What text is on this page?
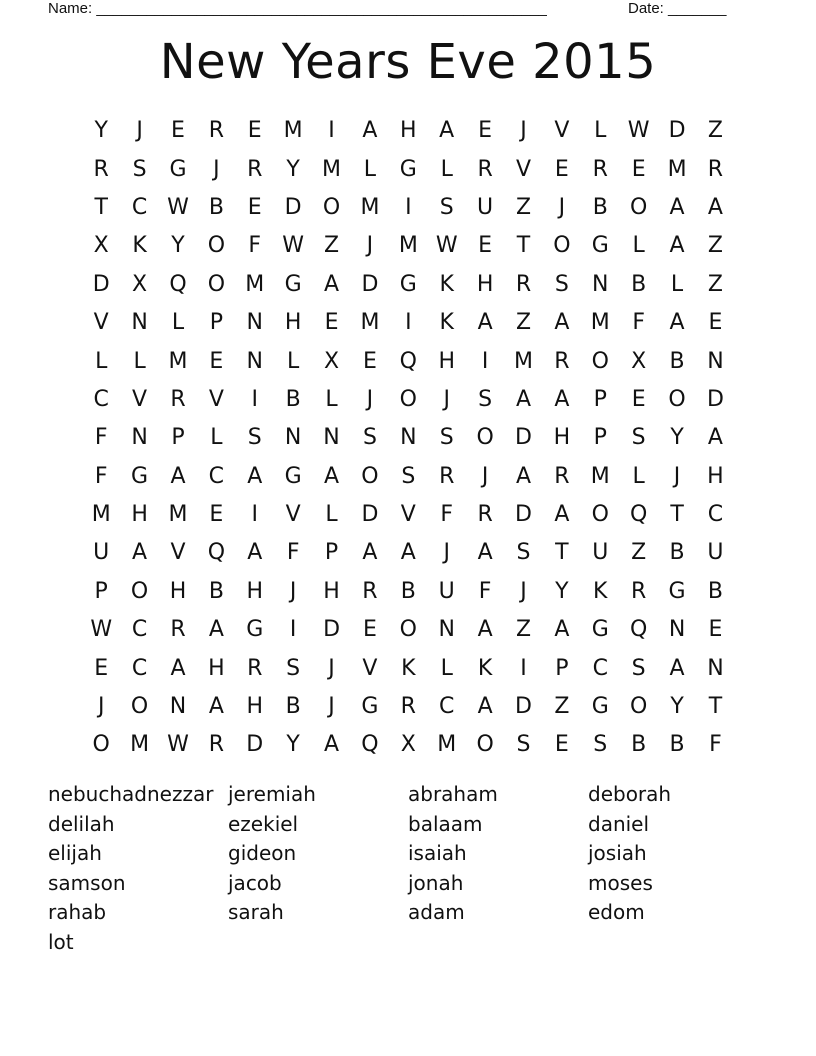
Name: ______________________________________________________	Date: _______
New Years Eve 2015
Y	J	E	R	E M	I	A	H	A	E	J	V	L W D	Z
R	S	G	J	R	Y	M	L	G	L	R	V	E	R	E M R
T	C W B	E	D O M	I	S	U	Z	J	B	O	A	A
X	K	Y	O	F W Z	J	M W E	T	O G	L	A	Z
D	X	Q O M G	A	D G	K	H	R	S	N	B	L	Z
V	N	L	P	N H	E M	I	K	A	Z	A M	F	A	E
L	L	M E	N	L	X	E	Q H	I	M R	O	X	B	N
C	V	R	V	I	B	L	J	O	J	S	A	A	P	E	O D
F	N	P	L	S	N N	S	N	S	O D H	P	S	Y	A
F	G	A	C	A	G	A	O	S	R	J	A	R M	L	J	H
M H M E	I	V	L	D	V	F	R	D	A	O Q	T	C
U	A	V	Q	A	F	P	A	A	J	A	S	T	U	Z	B	U
P	O H	B	H	J	H	R	B	U	F	J	Y	K	R	G	B
W C	R	A	G	I	D	E	O N	A	Z	A	G Q N	E
E	C	A	H	R	S	J	V	K	L	K	I	P	C	S	A	N
J	O N	A	H	B	J	G	R	C	A	D	Z	G O	Y	T
O M W R	D	Y	A	Q	X M O	S	E	S	B	B	F
nebuchadnezzar jeremiah	abraham	deborah
delilah	ezekiel	balaam	daniel
elijah	gideon	isaiah	josiah
samson	jacob	jonah	moses
rahab	sarah	adam	edom
lot
